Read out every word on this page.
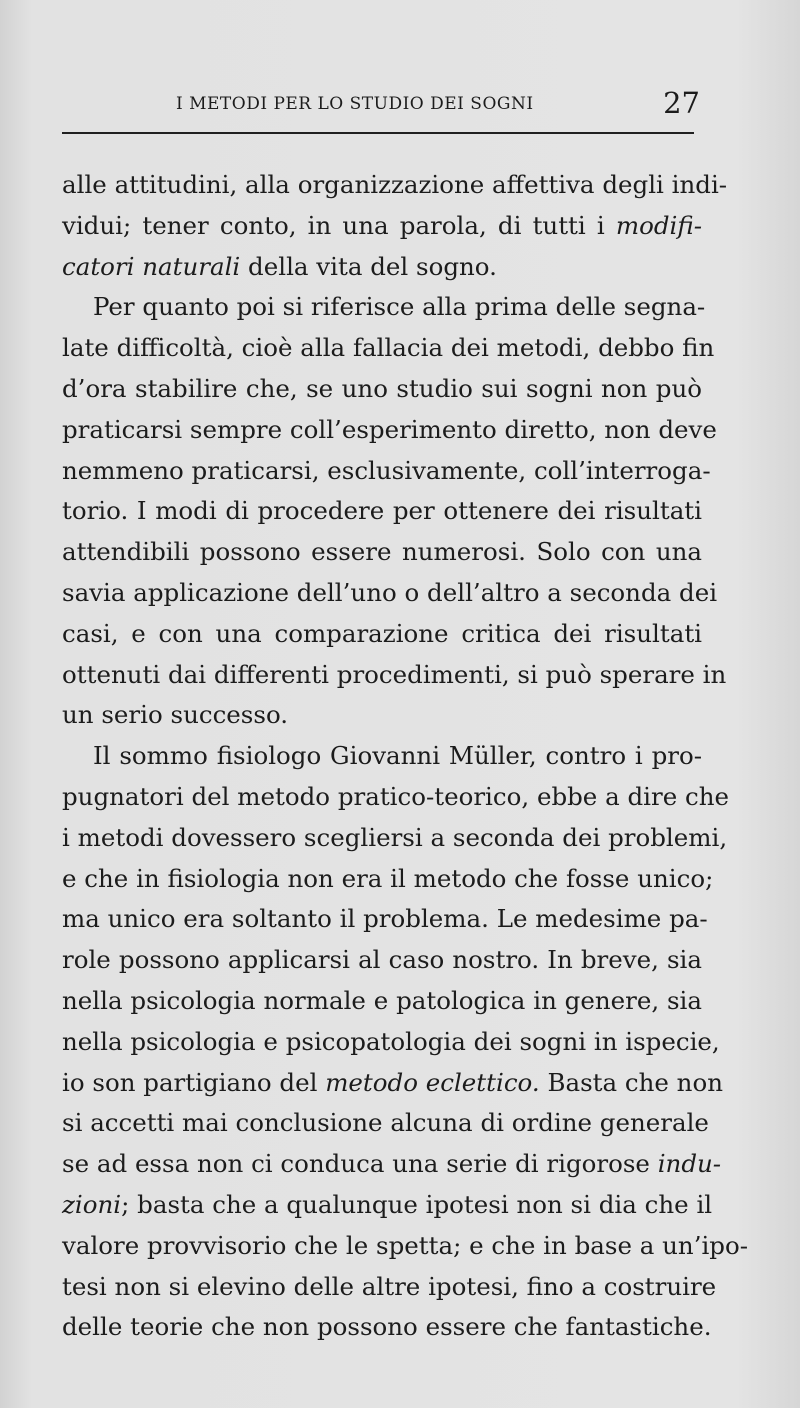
I METODI PER LO STUDIO DEI SOGNI	27
alle attitudini, alla organizzazione affettiva degli indi-
vidui; tener conto, in una parola, di tutti i modifi-
catori naturali della vita del sogno.
Per quanto poi si riferisce alla prima delle segna-
late difficoltà, cioè alla fallacia dei metodi, debbo fin
d’ora stabilire che, se uno studio sui sogni non può
praticarsi sempre coll’esperimento diretto, non deve
nemmeno praticarsi, esclusivamente, coll’interroga-
torio. I modi di procedere per ottenere dei risultati
attendibili possono essere numerosi. Solo con una
savia applicazione dell’uno o dell’altro a seconda dei
casi, e con una comparazione critica dei risultati
ottenuti dai differenti procedimenti, si può sperare in
un serio successo.
Il sommo fisiologo Giovanni Müller, contro i pro-
pugnatori del metodo pratico-teorico, ebbe a dire che
i metodi dovessero scegliersi a seconda dei problemi,
e che in fisiologia non era il metodo che fosse unico;
ma unico era soltanto il problema. Le medesime pa-
role possono applicarsi al caso nostro. In breve, sia
nella psicologia normale e patologica in genere, sia
nella psicologia e psicopatologia dei sogni in ispecie,
io son partigiano del metodo eclettico. Basta che non
si accetti mai conclusione alcuna di ordine generale
se ad essa non ci conduca una serie di rigorose indu-
zioni; basta che a qualunque ipotesi non si dia che il
valore provvisorio che le spetta; e che in base a un’ipo-
tesi non si elevino delle altre ipotesi, fino a costruire
delle teorie che non possono essere che fantastiche.
